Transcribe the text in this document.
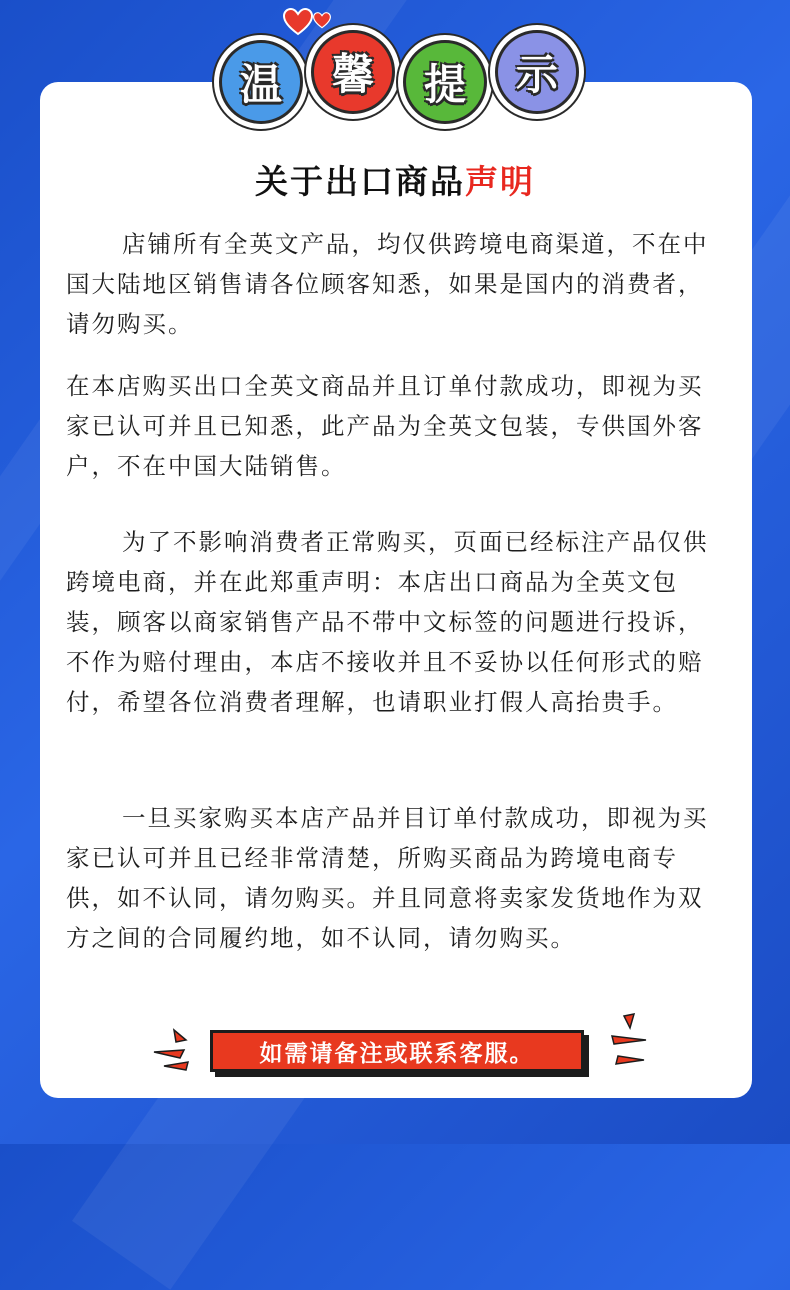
温 馨 提 示
关于出口商品声明

店铺所有全英文产品，均仅供跨境电商渠道，不在中国大陆地区销售请各位顾客知悉，如果是国内的消费者，请勿购买。

在本店购买出口全英文商品并且订单付款成功，即视为买家已认可并且已知悉，此产品为全英文包装，专供国外客户，不在中国大陆销售。

为了不影响消费者正常购买，页面已经标注产品仅供跨境电商，并在此郑重声明：本店出口商品为全英文包装，顾客以商家销售产品不带中文标签的问题进行投诉，不作为赔付理由，本店不接收并且不妥协以任何形式的赔付，希望各位消费者理解，也请职业打假人高抬贵手。

一旦买家购买本店产品并目订单付款成功，即视为买家已认可并且已经非常清楚，所购买商品为跨境电商专供，如不认同，请勿购买。并且同意将卖家发货地作为双方之间的合同履约地，如不认同，请勿购买。

如需请备注或联系客服。
